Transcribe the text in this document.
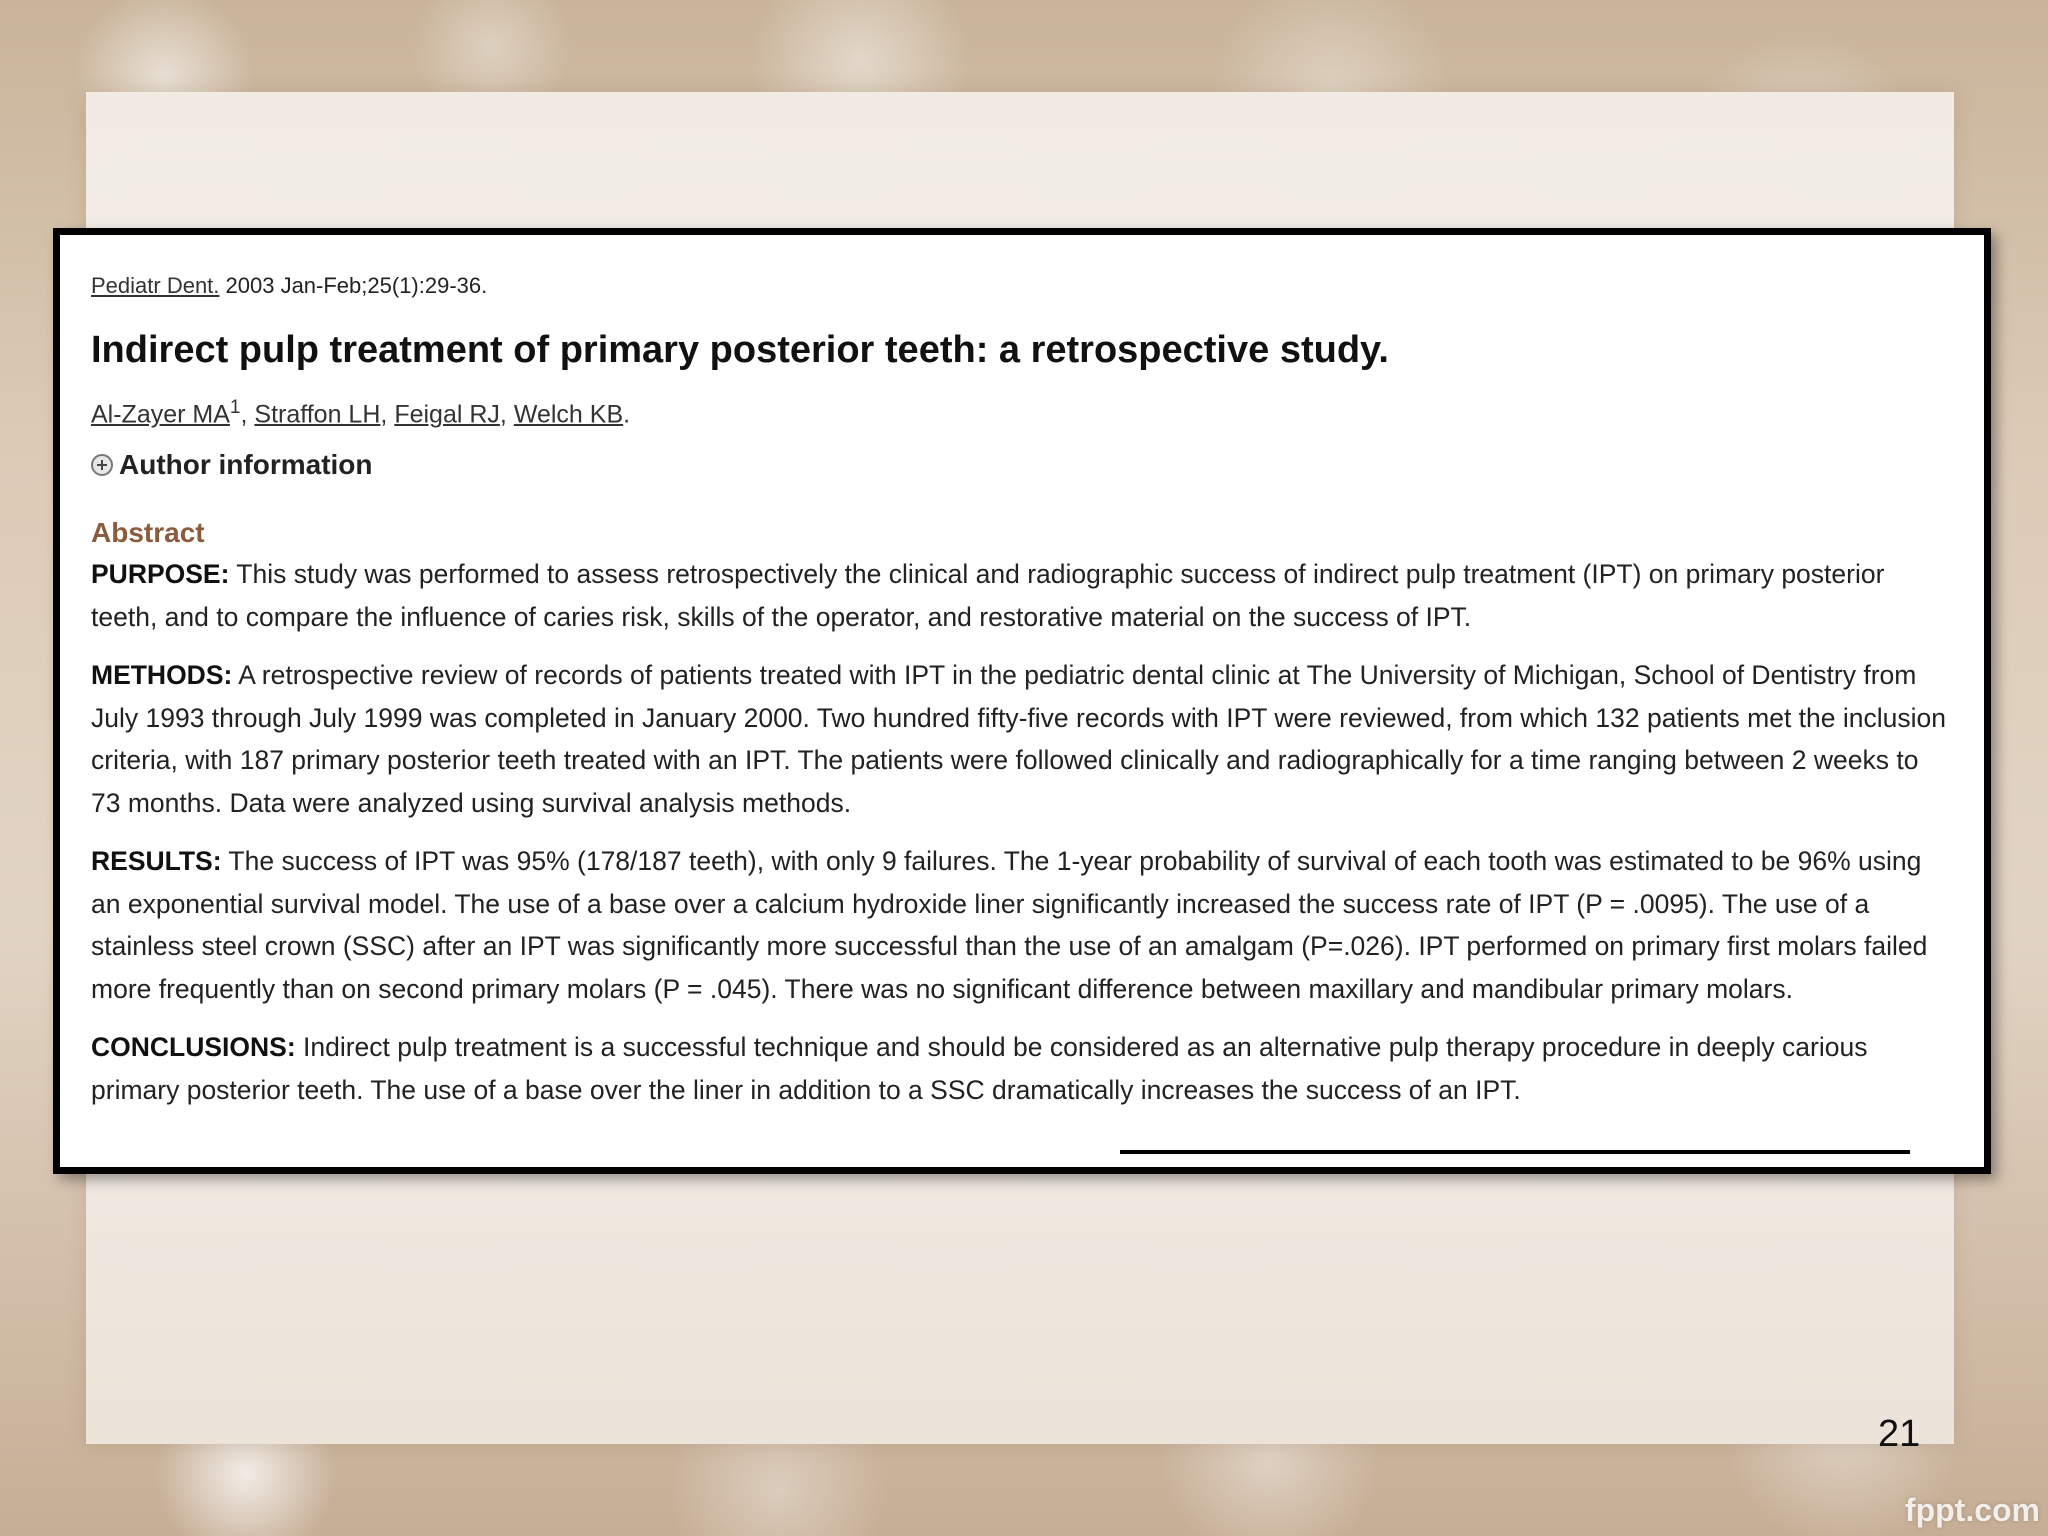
Pediatr Dent. 2003 Jan-Feb;25(1):29-36.

Indirect pulp treatment of primary posterior teeth: a retrospective study.

Al-Zayer $MA^1$, Straffon LH, Feigal RJ, Welch KB.

Author information
Abstract

PURPOSE: This study was performed to assess retrospectively the clinical and radiographic success of indirect pulp treatment (IPT) on primary posterior teeth, and to compare the influence of caries risk, skills of the operator, and restorative material on the success of IPT.

METHODS: A retrospective review of records of patients treated with IPT in the pediatric dental clinic at The University of Michigan, School of Dentistry from July 1993 through July 1999 was completed in January 2000. Two hundred fifty-five records with IPT were reviewed, from which 132 patients met the inclusion criteria, with 187 primary posterior teeth treated with an IPT. The patients were followed clinically and radiographically for a time ranging between 2 weeks to 73 months. Data were analyzed using survival analysis methods.

RESULTS: The success of IPT was 95% (178/187 teeth), with only 9 failures. The 1-year probability of survival of each tooth was estimated to be 96% using an exponential survival model. The use of a base over a calcium hydroxide liner significantly increased the success rate of IPT (P = .0095). The use of a stainless steel crown (SSC) after an IPT was significantly more successful than the use of an amalgam (P=.026). IPT performed on primary first molars failed more frequently than on second primary molars (P = .045). There was no significant difference between maxillary and mandibular primary molars.

CONCLUSIONS: Indirect pulp treatment is a successful technique and should be considered as an alternative pulp therapy procedure in deeply carious primary posterior teeth. The use of a base over the liner in addition to a SSC dramatically increases the success of an IPT.

21
fppt.com
